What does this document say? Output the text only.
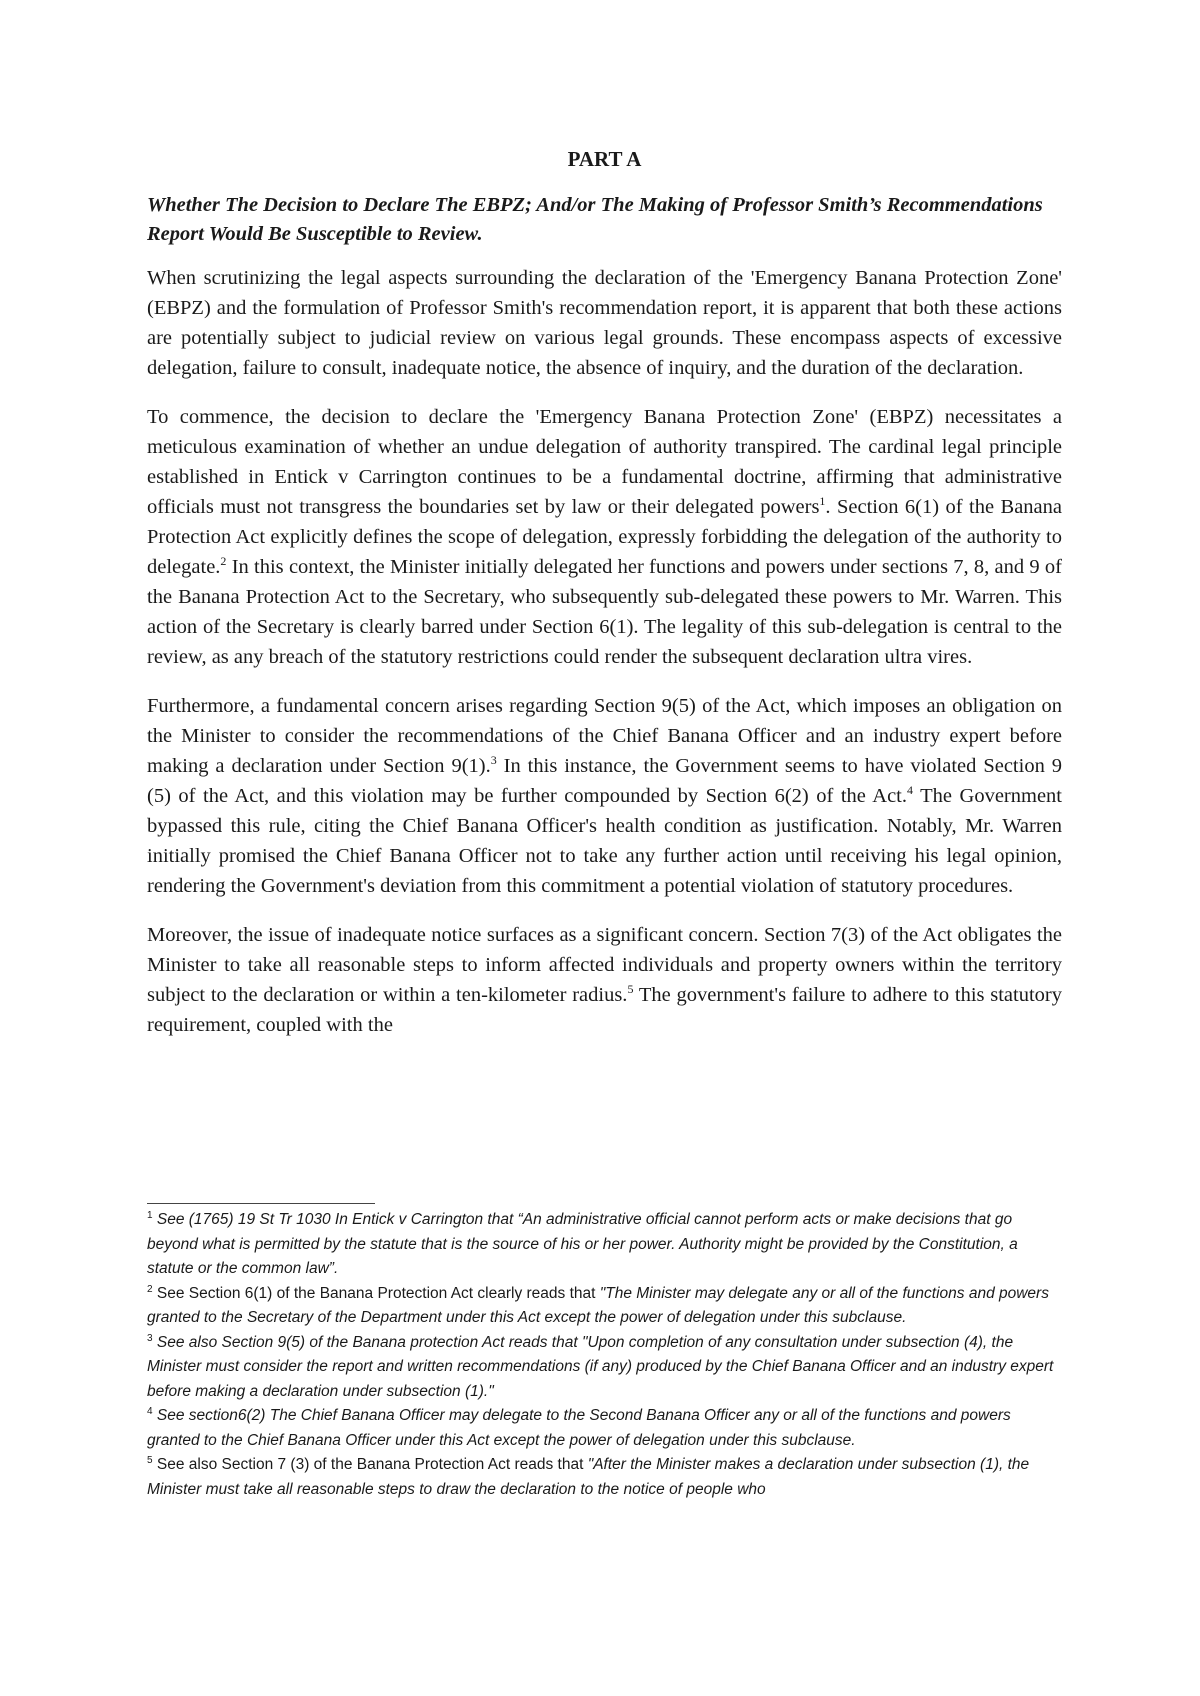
PART A
Whether The Decision to Declare The EBPZ; And/or The Making of Professor Smith’s Recommendations Report Would Be Susceptible to Review.

When scrutinizing the legal aspects surrounding the declaration of the 'Emergency Banana Protection Zone' (EBPZ) and the formulation of Professor Smith's recommendation report, it is apparent that both these actions are potentially subject to judicial review on various legal grounds. These encompass aspects of excessive delegation, failure to consult, inadequate notice, the absence of inquiry, and the duration of the declaration.

To commence, the decision to declare the 'Emergency Banana Protection Zone' (EBPZ) necessitates a meticulous examination of whether an undue delegation of authority transpired. The cardinal legal principle established in Entick v Carrington continues to be a fundamental doctrine, affirming that administrative officials must not transgress the boundaries set by law or their delegated powers$^1$. Section 6(1) of the Banana Protection Act explicitly defines the scope of delegation, expressly forbidding the delegation of the authority to delegate.$^2$ In this context, the Minister initially delegated her functions and powers under sections 7, 8, and 9 of the Banana Protection Act to the Secretary, who subsequently sub-delegated these powers to Mr. Warren. This action of the Secretary is clearly barred under Section 6(1). The legality of this sub-delegation is central to the review, as any breach of the statutory restrictions could render the subsequent declaration ultra vires.

Furthermore, a fundamental concern arises regarding Section 9(5) of the Act, which imposes an obligation on the Minister to consider the recommendations of the Chief Banana Officer and an industry expert before making a declaration under Section 9(1).$^3$ In this instance, the Government seems to have violated Section 9 (5) of the Act, and this violation may be further compounded by Section 6(2) of the Act.$^4$ The Government bypassed this rule, citing the Chief Banana Officer's health condition as justification. Notably, Mr. Warren initially promised the Chief Banana Officer not to take any further action until receiving his legal opinion, rendering the Government's deviation from this commitment a potential violation of statutory procedures.

Moreover, the issue of inadequate notice surfaces as a significant concern. Section 7(3) of the Act obligates the Minister to take all reasonable steps to inform affected individuals and property owners within the territory subject to the declaration or within a ten-kilometer radius.$^5$ The government's failure to adhere to this statutory requirement, coupled with the

$^1$ See (1765) 19 St Tr 1030 In Entick v Carrington that “An administrative official cannot perform acts or make decisions that go beyond what is permitted by the statute that is the source of his or her power. Authority might be provided by the Constitution, a statute or the common law”.

$^2$ See Section 6(1) of the Banana Protection Act clearly reads that "The Minister may delegate any or all of the functions and powers granted to the Secretary of the Department under this Act except the power of delegation under this subclause.

$^3$ See also Section 9(5) of the Banana protection Act reads that "Upon completion of any consultation under subsection (4), the Minister must consider the report and written recommendations (if any) produced by the Chief Banana Officer and an industry expert before making a declaration under subsection (1)."

$^4$ See section6(2) The Chief Banana Officer may delegate to the Second Banana Officer any or all of the functions and powers granted to the Chief Banana Officer under this Act except the power of delegation under this subclause.

$^5$ See also Section 7 (3) of the Banana Protection Act reads that "After the Minister makes a declaration under subsection (1), the Minister must take all reasonable steps to draw the declaration to the notice of people who
